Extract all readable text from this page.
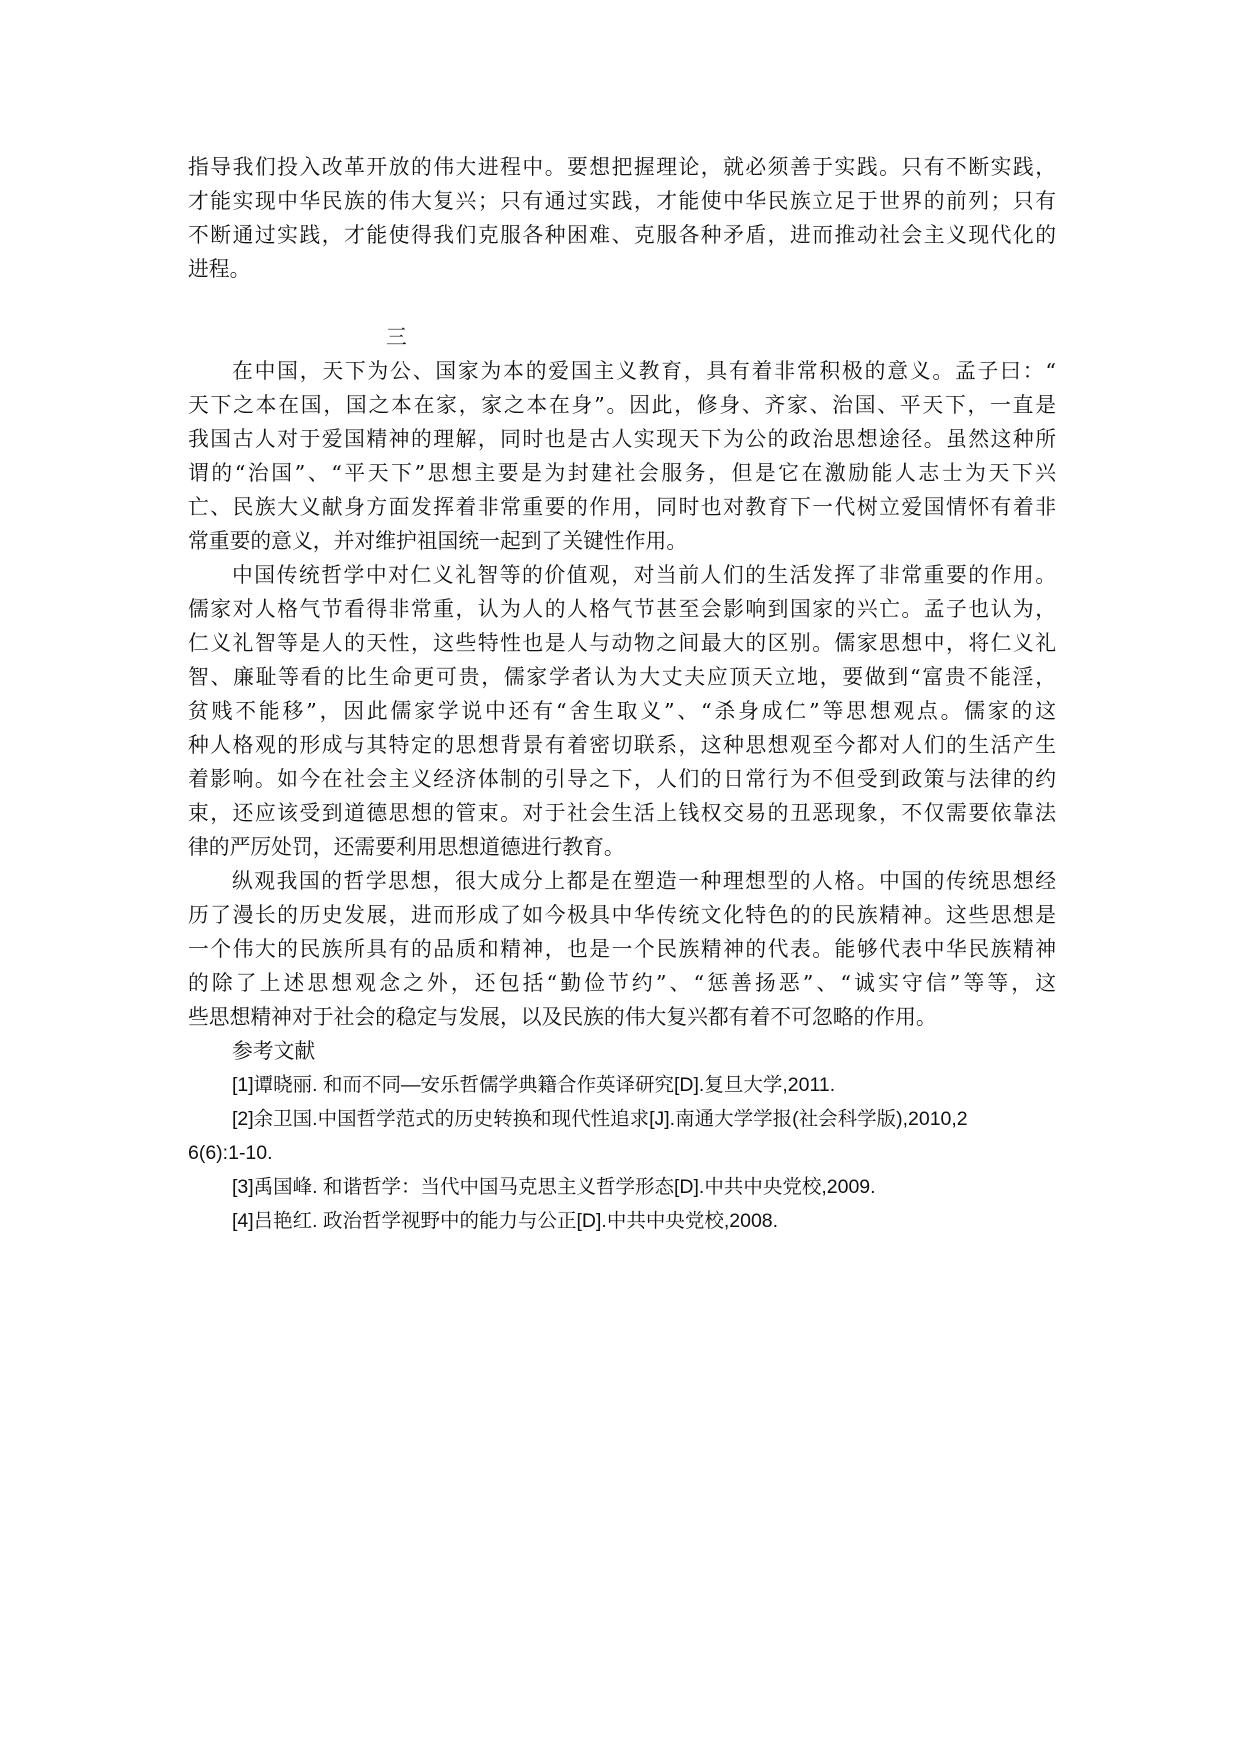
指导我们投入改革开放的伟大进程中。要想把握理论，就必须善于实践。只有不断实践，
才能实现中华民族的伟大复兴；只有通过实践，才能使中华民族立足于世界的前列；只有
不断通过实践，才能使得我们克服各种困难、克服各种矛盾，进而推动社会主义现代化的
进程。
三
在中国，天下为公、国家为本的爱国主义教育，具有着非常积极的意义。孟子曰：“
天下之本在国，国之本在家，家之本在身”。因此，修身、齐家、治国、平天下，一直是
我国古人对于爱国精神的理解，同时也是古人实现天下为公的政治思想途径。虽然这种所
谓的“治国”、“平天下”思想主要是为封建社会服务，但是它在激励能人志士为天下兴
亡、民族大义献身方面发挥着非常重要的作用，同时也对教育下一代树立爱国情怀有着非
常重要的意义，并对维护祖国统一起到了关键性作用。
中国传统哲学中对仁义礼智等的价值观，对当前人们的生活发挥了非常重要的作用。
儒家对人格气节看得非常重，认为人的人格气节甚至会影响到国家的兴亡。孟子也认为，
仁义礼智等是人的天性，这些特性也是人与动物之间最大的区别。儒家思想中，将仁义礼
智、廉耻等看的比生命更可贵，儒家学者认为大丈夫应顶天立地，要做到“富贵不能淫，
贫贱不能移”，因此儒家学说中还有“舍生取义”、“杀身成仁”等思想观点。儒家的这
种人格观的形成与其特定的思想背景有着密切联系，这种思想观至今都对人们的生活产生
着影响。如今在社会主义经济体制的引导之下，人们的日常行为不但受到政策与法律的约
束，还应该受到道德思想的管束。对于社会生活上钱权交易的丑恶现象，不仅需要依靠法
律的严厉处罚，还需要利用思想道德进行教育。
纵观我国的哲学思想，很大成分上都是在塑造一种理想型的人格。中国的传统思想经
历了漫长的历史发展，进而形成了如今极具中华传统文化特色的的民族精神。这些思想是
一个伟大的民族所具有的品质和精神，也是一个民族精神的代表。能够代表中华民族精神
的除了上述思想观念之外，还包括“勤俭节约”、“惩善扬恶”、“诚实守信”等等，这
些思想精神对于社会的稳定与发展，以及民族的伟大复兴都有着不可忽略的作用。
参考文献
[1]谭晓丽. 和而不同—安乐哲儒学典籍合作英译研究[D].复旦大学,2011.
[2]余卫国.中国哲学范式的历史转换和现代性追求[J].南通大学学报(社会科学版),2010,2
6(6):1-10.
[3]禹国峰. 和谐哲学：当代中国马克思主义哲学形态[D].中共中央党校,2009.
[4]吕艳红. 政治哲学视野中的能力与公正[D].中共中央党校,2008.
